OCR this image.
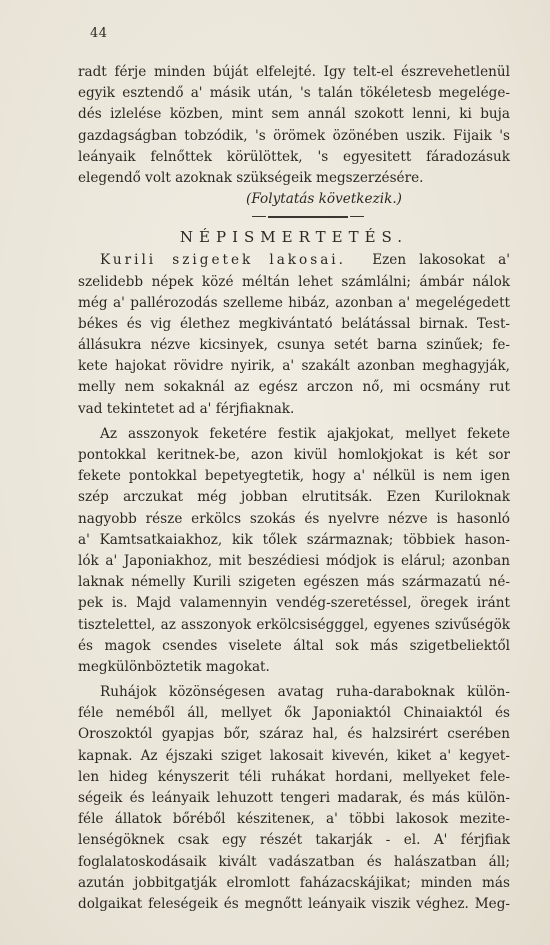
44
radt férje minden búját elfelejté. Igy telt-el észrevehetlenül
egyik esztendő a' másik után, 's talán tökéletesb megelége-
dés izlelése közben, mint sem annál szokott lenni, ki buja
gazdagságban tobzódik, 's örömek özönében uszik. Fijaik 's
leányaik felnőttek körülöttek, 's egyesitett fáradozásuk
elegendő volt azoknak szükségeik megszerzésére.
(Folytatás következik.)
NÉPISMERTETÉS.
Kurili szigetek lakosai. Ezen lakosokat a'
szelidebb népek közé méltán lehet számlálni; ámbár nálok
még a' pallérozodás szelleme hibáz, azonban a' megelégedett
békes és vig élethez megkivántató belátással birnak. Test-
állásukra nézve kicsinyek, csunya setét barna szinűek; fe-
kete hajokat rövidre nyirik, a' szakált azonban meghagyják,
melly nem sokaknál az egész arczon nő, mi ocsmány rut
vad tekintetet ad a' férjfiaknak.
Az asszonyok feketére festik ajakjokat, mellyet fekete
pontokkal keritnek-be, azon kivül homlokjokat is két sor
fekete pontokkal bepetyegtetik, hogy a' nélkül is nem igen
szép arczukat még jobban elrutitsák. Ezen Kuriloknak
nagyobb része erkölcs szokás és nyelvre nézve is hasonló
a' Kamtsatkaiakhoz, kik tőlek származnak; többiek hason-
lók a' Japoniakhoz, mit beszédiesi módjok is elárul; azonban
laknak némelly Kurili szigeten egészen más származatú né-
pek is. Majd valamennyin vendég-szeretéssel, öregek iránt
tisztelettel, az asszonyok erkölcsiségggel, egyenes szivűségök
és magok csendes viselete által sok más szigetbeliektől
megkülönböztetik magokat.
Ruhájok közönségesen avatag ruha-daraboknak külön-
féle neméből áll, mellyet ők Japoniaktól Chinaiaktól és
Oroszoktól gyapjas bőr, száraz hal, és halzsirért cserében
kapnak. Az éjszaki sziget lakosait kivevén, kiket a' kegyet-
len hideg kényszerit téli ruhákat hordani, mellyeket fele-
ségeik és leányaik lehuzott tengeri madarak, és más külön-
féle állatok bőréből késziteneк, a' többi lakosok mezite-
lenségöknek csak egy részét takarják - el. A' férjfiak
foglalatoskodásaik kivált vadászatban és halászatban áll;
azután jobbitgatják elromlott faházacskájikat; minden más
dolgaikat feleségeik és megnőtt leányaik viszik véghez. Meg-
